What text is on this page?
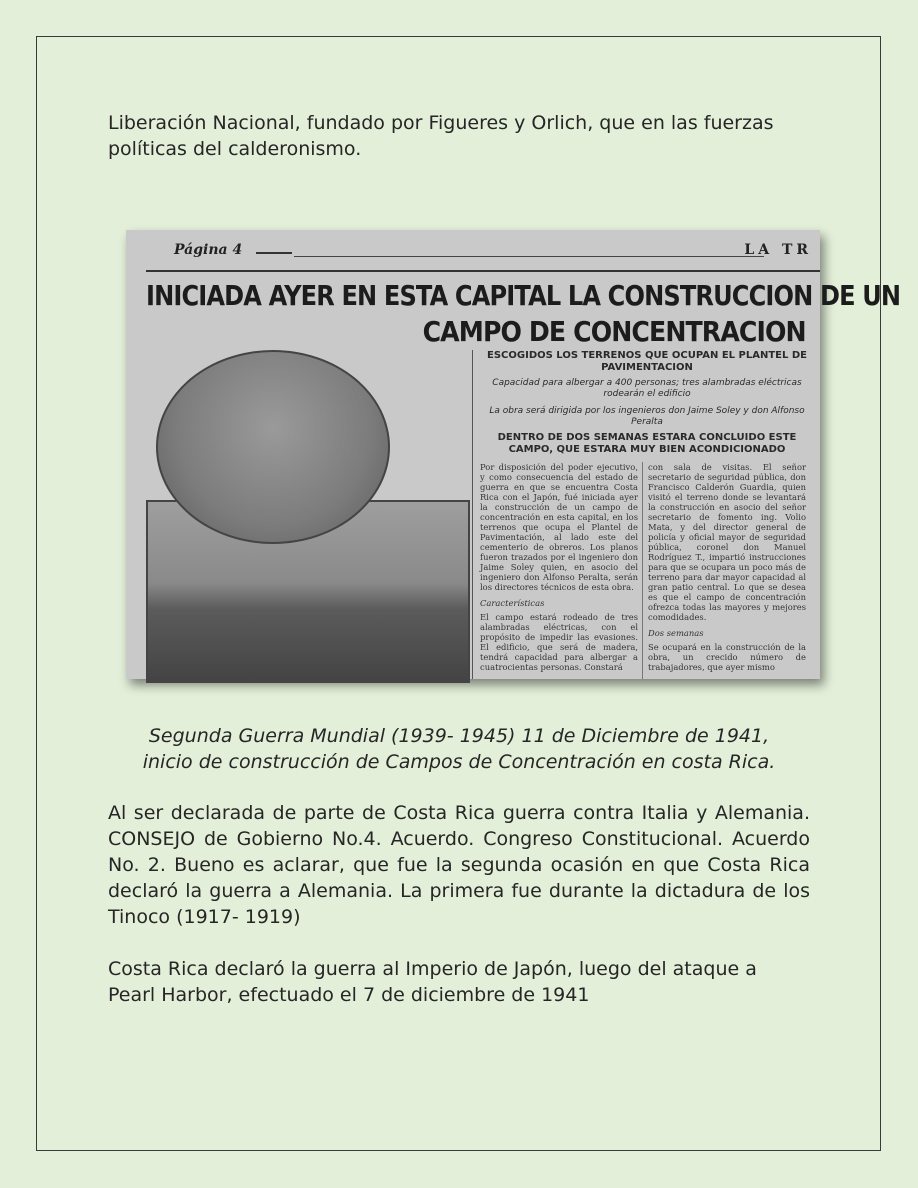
Liberación Nacional, fundado por Figueres y Orlich, que en las fuerzas políticas del calderonismo.

Página 4	LA TR
INICIADA AYER EN ESTA CAPITAL LA CONSTRUCCION DE UN
CAMPO DE CONCENTRACION
ESCOGIDOS LOS TERRENOS QUE OCUPAN EL PLANTEL DE PAVIMENTACION
Capacidad para albergar a 400 personas; tres alambradas eléctricas rodearán el edificio
La obra será dirigida por los ingenieros don Jaime Soley y don Alfonso Peralta
DENTRO DE DOS SEMANAS ESTARA CONCLUIDO ESTE CAMPO, QUE ESTARA MUY BIEN ACONDICIONADO
Por disposición del poder ejecutivo, y como consecuencia del estado de guerra en que se encuentra Costa Rica con el Japón, fué iniciada ayer la construcción de un campo de concentración en esta capital, en los terrenos que ocupa el Plantel de Pavimentación, al lado este del cementerio de obreros. Los planos fueron trazados por el ingeniero don Jaime Soley quien, en asocio del ingeniero don Alfonso Peralta, serán los directores técnicos de esta obra.
Características
El campo estará rodeado de tres alambradas eléctricas, con el propósito de impedir las evasiones. El edificio, que será de madera, tendrá capacidad para albergar a cuatrocientas personas. Constará
con sala de visitas. El señor secretario de seguridad pública, don Francisco Calderón Guardia, quien visitó el terreno donde se levantará la construcción en asocio del señor secretario de fomento ing. Volio Mata, y del director general de policía y oficial mayor de seguridad pública, coronel don Manuel Rodríguez T., impartió instrucciones para que se ocupara un poco más de terreno para dar mayor capacidad al gran patio central. Lo que se desea es que el campo de concentración ofrezca todas las mayores y mejores comodidades.
Dos semanas
Se ocupará en la construcción de la obra, un crecido número de trabajadores, que ayer mismo
Segunda Guerra Mundial (1939- 1945) 11 de Diciembre de 1941,
inicio de construcción de Campos de Concentración en costa Rica.

Al ser declarada de parte de Costa Rica guerra contra Italia y Alemania. CONSEJO de Gobierno No.4. Acuerdo. Congreso Constitucional. Acuerdo No. 2. Bueno es aclarar, que fue la segunda ocasión en que Costa Rica declaró la guerra a Alemania. La primera fue durante la dictadura de los Tinoco (1917- 1919)

Costa Rica declaró la guerra al Imperio de Japón, luego del ataque a Pearl Harbor, efectuado el 7 de diciembre de 1941
